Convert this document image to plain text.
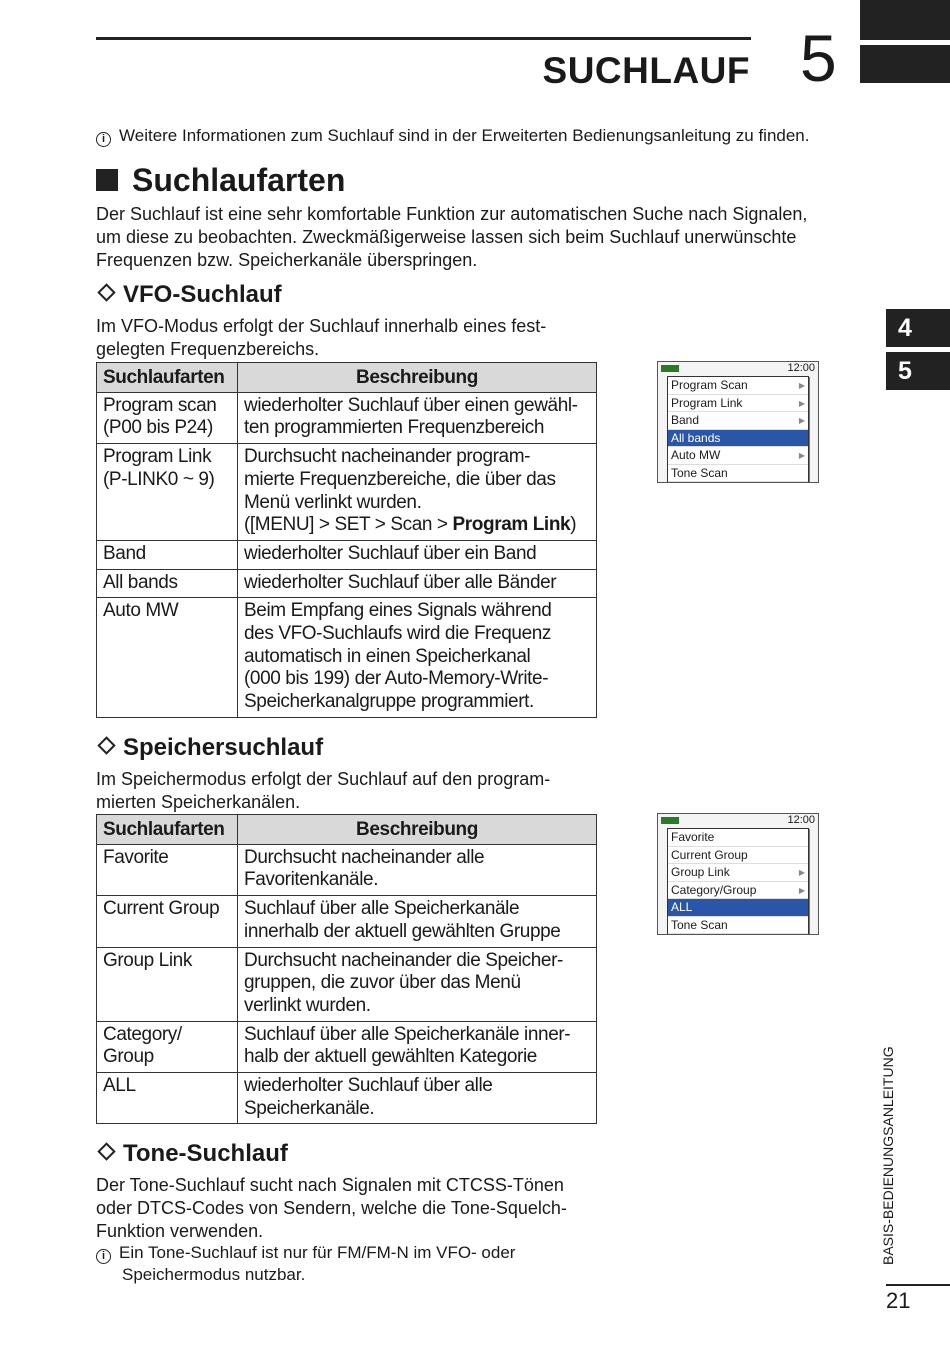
SUCHLAUF 5
4
5
i Weitere Informationen zum Suchlauf sind in der Erweiterten Bedienungsanleitung zu finden.
Suchlaufarten
Der Suchlauf ist eine sehr komfortable Funktion zur automatischen Suche nach Signalen,
um diese zu beobachten. Zweckmäßigerweise lassen sich beim Suchlauf unerwünschte
Frequenzen bzw. Speicherkanäle überspringen.
VFO-Suchlauf
Im VFO-Modus erfolgt der Suchlauf innerhalb eines fest-
gelegten Frequenzbereichs.
Suchlaufarten	Beschreibung
Program scan
(P00 bis P24)	wiederholter Suchlauf über einen gewähl-
ten programmierten Frequenzbereich
Program Link
(P-LINK0 ~ 9)	Durchsucht nacheinander program-
mierte Frequenzbereiche, die über das
Menü verlinkt wurden.
([MENU] > SET > Scan > Program Link)
Band	wiederholter Suchlauf über ein Band
All bands	wiederholter Suchlauf über alle Bänder
Auto MW	Beim Empfang eines Signals während
des VFO-Suchlaufs wird die Frequenz
automatisch in einen Speicherkanal
(000 bis 199) der Auto-Memory-Write-
Speicherkanalgruppe programmiert.
12:00
Program Scan	▶
Program Link	▶
Band	▶
All bands
Auto MW	▶
Tone Scan
Speichersuchlauf
Im Speichermodus erfolgt der Suchlauf auf den program-
mierten Speicherkanälen.
Suchlaufarten	Beschreibung
Favorite	Durchsucht nacheinander alle
Favoritenkanäle.
Current Group	Suchlauf über alle Speicherkanäle
innerhalb der aktuell gewählten Gruppe
Group Link	Durchsucht nacheinander die Speicher-
gruppen, die zuvor über das Menü
verlinkt wurden.
Category/
Group	Suchlauf über alle Speicherkanäle inner-
halb der aktuell gewählten Kategorie
ALL	wiederholter Suchlauf über alle
Speicherkanäle.
12:00
Favorite
Current Group
Group Link	▶
Category/Group	▶
ALL
Tone Scan
Tone-Suchlauf
Der Tone-Suchlauf sucht nach Signalen mit CTCSS-Tönen
oder DTCS-Codes von Sendern, welche die Tone-Squelch-
Funktion verwenden.
i Ein Tone-Suchlauf ist nur für FM/FM-N im VFO- oder
Speichermodus nutzbar.
BASIS-BEDIENUNGSANLEITUNG
21
